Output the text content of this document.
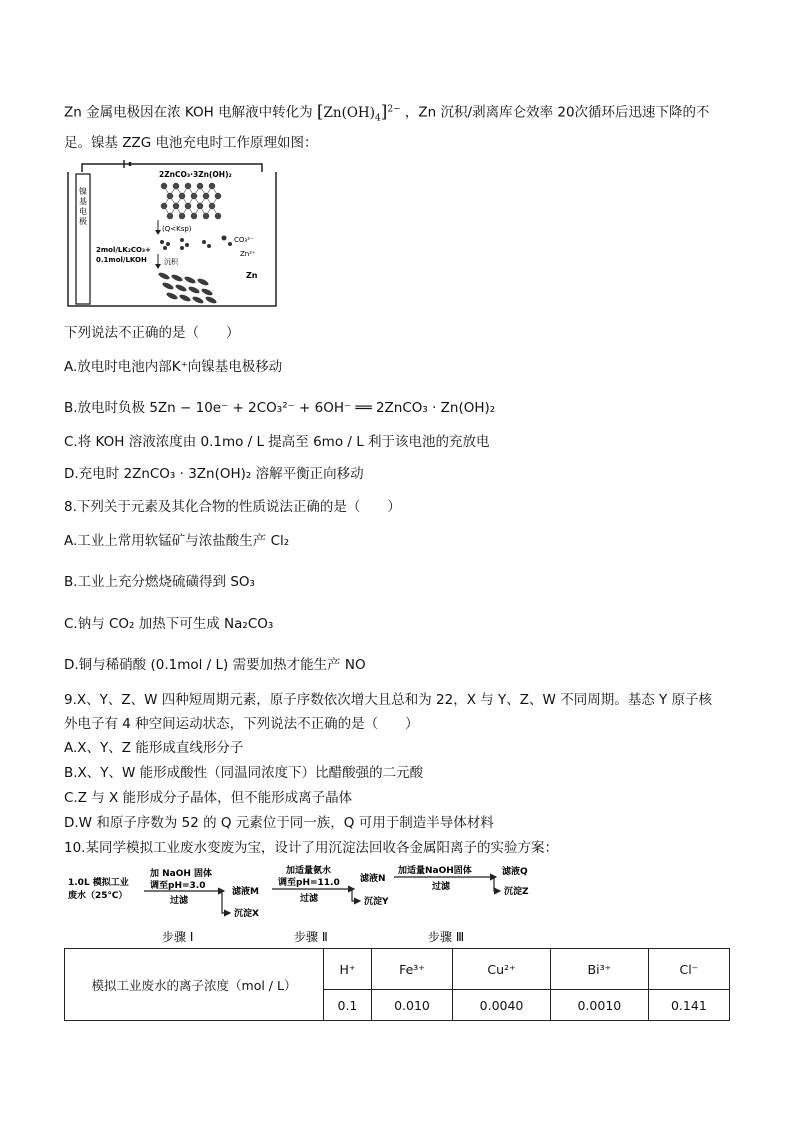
Zn 金属电极因在浓 KOH 电解液中转化为 $[Zn(OH)_4]^{2-}$ ，Zn 沉积/剥离库仑效率 20次循环后迅速下降的不
足。镍基 ZZG 电池充电时工作原理如图：
镍基电极
2ZnCO₃·3Zn(OH)₂
(Q<Ksp)
CO₃²⁻
Zn²⁺
2mol/LK₂CO₃+
0.1mol/LKOH 沉积
Zn
下列说法不正确的是（　　）
A.放电时电池内部K⁺向镍基电极移动
B.放电时负极 5Zn − 10e⁻ + 2CO₃²⁻ + 6OH⁻ ══ 2ZnCO₃ · Zn(OH)₂
C.将 KOH 溶液浓度由 0.1mo / L 提高至 6mo / L 利于该电池的充放电
D.充电时 2ZnCO₃ · 3Zn(OH)₂ 溶解平衡正向移动
8.下列关于元素及其化合物的性质说法正确的是（　　）
A.工业上常用软锰矿与浓盐酸生产 Cl₂
B.工业上充分燃烧硫磺得到 SO₃
C.钠与 CO₂ 加热下可生成 Na₂CO₃
D.铜与稀硝酸 (0.1mol / L) 需要加热才能生产 NO
9.X、Y、Z、W 四种短周期元素，原子序数依次增大且总和为 22，X 与 Y、Z、W 不同周期。基态 Y 原子核
外电子有 4 种空间运动状态，下列说法不正确的是（　　）
A.X、Y、Z 能形成直线形分子
B.X、Y、W 能形成酸性（同温同浓度下）比醋酸强的二元酸
C.Z 与 X 能形成分子晶体，但不能形成离子晶体
D.W 和原子序数为 52 的 Q 元素位于同一族，Q 可用于制造半导体材料
10.某同学模拟工业废水变废为宝，设计了用沉淀法回收各金属阳离子的实验方案：
1.0L 模拟工业
废水（25℃）
加 NaOH 固体
调至pH=3.0
过滤
滤液M
沉淀X
加适量氨水
调至pH=11.0
过滤
滤液N
沉淀Y
加适量NaOH固体
过滤
滤液Q
沉淀Z
步骤 Ⅰ	步骤 Ⅱ	步骤 Ⅲ
模拟工业废水的离子浓度（mol / L）	H⁺	Fe³⁺	Cu²⁺	Bi³⁺	Cl⁻
	0.1	0.010	0.0040	0.0010	0.141
